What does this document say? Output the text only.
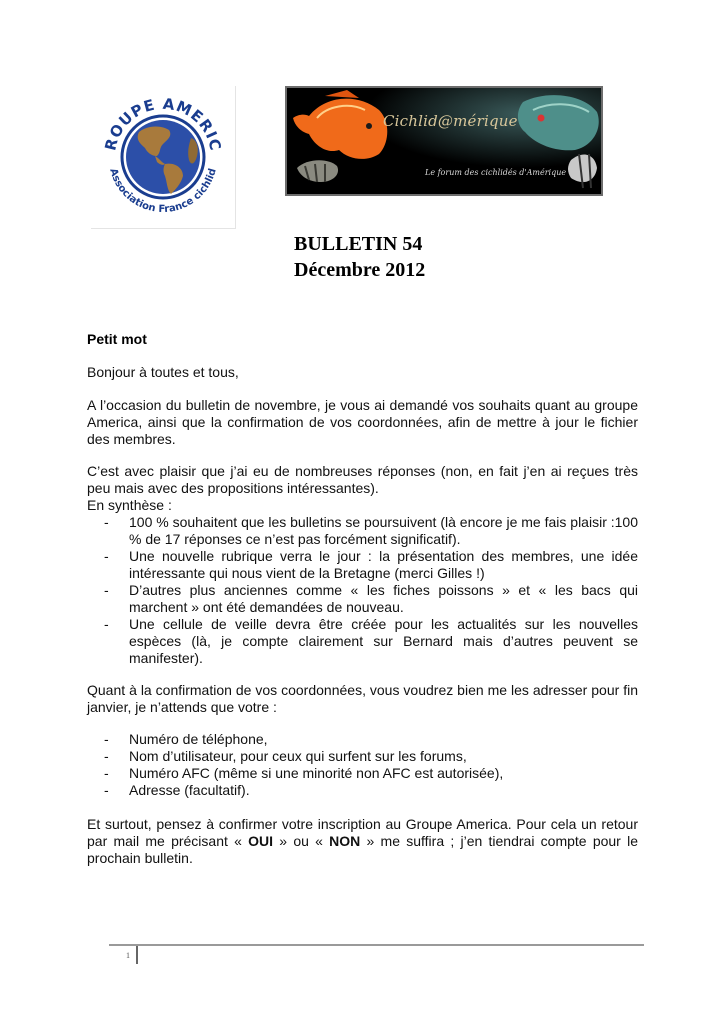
ROUPE AMERIC
Association France cichlid
Cichlid@mérique
Le forum des cichlidés d'Amérique
BULLETIN 54
Décembre 2012
Petit mot

Bonjour à toutes et tous,

A l’occasion du bulletin de novembre, je vous ai demandé vos souhaits quant au groupe America, ainsi que la confirmation de vos coordonnées, afin de mettre à jour le fichier des membres.

C’est avec plaisir que j’ai eu de nombreuses réponses (non, en fait j’en ai reçues très peu mais avec des propositions intéressantes).

En synthèse :

- 100 % souhaitent que les bulletins se poursuivent (là encore je me fais plaisir :100 % de 17 réponses ce n’est pas forcément significatif).
- Une nouvelle rubrique verra le jour : la présentation des membres, une idée intéressante qui nous vient de la Bretagne (merci Gilles !)
- D’autres plus anciennes comme « les fiches poissons » et « les bacs qui marchent » ont été demandées de nouveau.
- Une cellule de veille devra être créée pour les actualités sur les nouvelles espèces (là, je compte clairement sur Bernard mais d’autres peuvent se manifester).

Quant à la confirmation de vos coordonnées, vous voudrez bien me les adresser pour fin janvier, je n’attends que votre :

- Numéro de téléphone,
- Nom d’utilisateur, pour ceux qui surfent sur les forums,
- Numéro AFC (même si une minorité non AFC est autorisée),
- Adresse (facultatif).

Et surtout, pensez à confirmer votre inscription au Groupe America. Pour cela un retour par mail me précisant « OUI » ou « NON » me suffira ; j’en tiendrai compte pour le prochain bulletin.

1
